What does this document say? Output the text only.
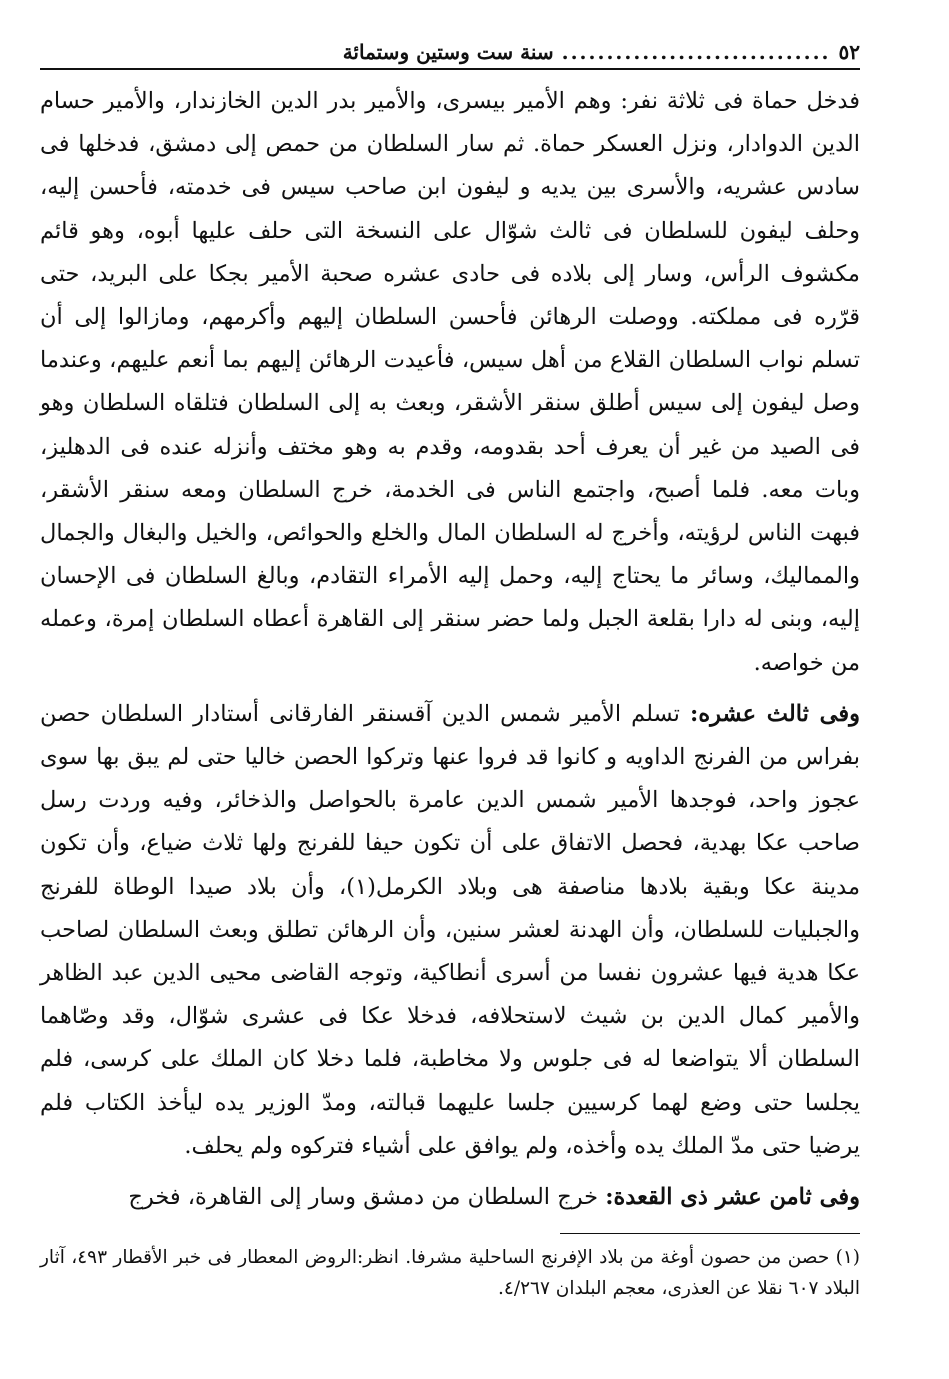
٥٢
..............................
سنة ست وستين وستمائة

فدخل حماة فى ثلاثة نفر: وهم الأمير بيسرى، والأمير بدر الدين الخازندار، والأمير حسام الدين الدوادار، ونزل العسكر حماة. ثم سار السلطان من حمص إلى دمشق، فدخلها فى سادس عشريه، والأسرى بين يديه و ليفون ابن صاحب سيس فى خدمته، فأحسن إليه، وحلف ليفون للسلطان فى ثالث شوّال على النسخة التى حلف عليها أبوه، وهو قائم مكشوف الرأس، وسار إلى بلاده فى حادى عشره صحبة الأمير بجكا على البريد، حتى قرّره فى مملكته. ووصلت الرهائن فأحسن السلطان إليهم وأكرمهم، ومازالوا إلى أن تسلم نواب السلطان القلاع من أهل سيس، فأعيدت الرهائن إليهم بما أنعم عليهم، وعندما وصل ليفون إلى سيس أطلق سنقر الأشقر، وبعث به إلى السلطان فتلقاه السلطان وهو فى الصيد من غير أن يعرف أحد بقدومه، وقدم به وهو مختف وأنزله عنده فى الدهليز، وبات معه. فلما أصبح، واجتمع الناس فى الخدمة، خرج السلطان ومعه سنقر الأشقر، فبهت الناس لرؤيته، وأخرج له السلطان المال والخلع والحوائص، والخيل والبغال والجمال والمماليك، وسائر ما يحتاج إليه، وحمل إليه الأمراء التقادم، وبالغ السلطان فى الإحسان إليه، وبنى له دارا بقلعة الجبل ولما حضر سنقر إلى القاهرة أعطاه السلطان إمرة، وعمله من خواصه.

وفى ثالث عشره: تسلم الأمير شمس الدين آقسنقر الفارقانى أستادار السلطان حصن بفراس من الفرنج الداويه و كانوا قد فروا عنها وتركوا الحصن خاليا حتى لم يبق بها سوى عجوز واحد، فوجدها الأمير شمس الدين عامرة بالحواصل والذخائر، وفيه وردت رسل صاحب عكا بهدية، فحصل الاتفاق على أن تكون حيفا للفرنج ولها ثلاث ضياع، وأن تكون مدينة عكا وبقية بلادها مناصفة هى وبلاد الكرمل(١)، وأن بلاد صيدا الوطاة للفرنج والجبليات للسلطان، وأن الهدنة لعشر سنين، وأن الرهائن تطلق وبعث السلطان لصاحب عكا هدية فيها عشرون نفسا من أسرى أنطاكية، وتوجه القاضى محيى الدين عبد الظاهر والأمير كمال الدين بن شيث لاستحلافه، فدخلا عكا فى عشرى شوّال، وقد وصّاهما السلطان ألا يتواضعا له فى جلوس ولا مخاطبة، فلما دخلا كان الملك على كرسى، فلم يجلسا حتى وضع لهما كرسيين جلسا عليهما قبالته، ومدّ الوزير يده ليأخذ الكتاب فلم يرضيا حتى مدّ الملك يده وأخذه، ولم يوافق على أشياء فتركوه ولم يحلف.

وفى ثامن عشر ذى القعدة: خرج السلطان من دمشق وسار إلى القاهرة، فخرج

(١) حصن من حصون أوغة من بلاد الإفرنج الساحلية مشرفا. انظر:الروض المعطار فى خبر الأقطار ٤٩٣، آثار البلاد ٦٠٧ نقلا عن العذرى، معجم البلدان ٤/٢٦٧.
